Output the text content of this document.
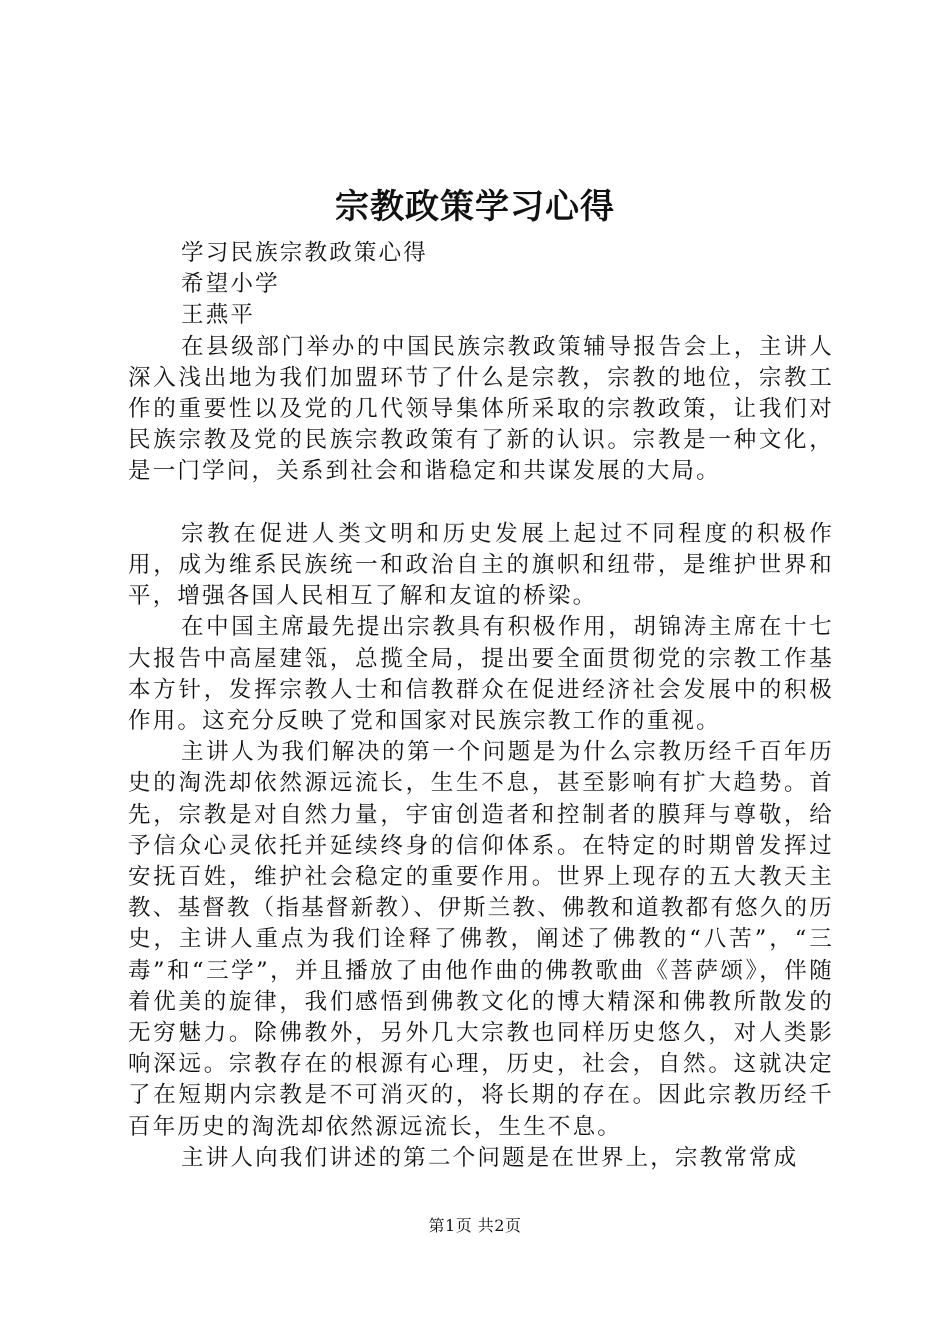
宗教政策学习心得

学习民族宗教政策心得

希望小学

王燕平

在县级部门举办的中国民族宗教政策辅导报告会上，主讲人深入浅出地为我们加盟环节了什么是宗教，宗教的地位，宗教工作的重要性以及党的几代领导集体所采取的宗教政策，让我们对民族宗教及党的民族宗教政策有了新的认识。宗教是一种文化，是一门学问，关系到社会和谐稳定和共谋发展的大局。

宗教在促进人类文明和历史发展上起过不同程度的积极作用，成为维系民族统一和政治自主的旗帜和纽带，是维护世界和平，增强各国人民相互了解和友谊的桥梁。

在中国主席最先提出宗教具有积极作用，胡锦涛主席在十七大报告中高屋建瓴，总揽全局，提出要全面贯彻党的宗教工作基本方针，发挥宗教人士和信教群众在促进经济社会发展中的积极作用。这充分反映了党和国家对民族宗教工作的重视。

主讲人为我们解决的第一个问题是为什么宗教历经千百年历史的淘洗却依然源远流长，生生不息，甚至影响有扩大趋势。首先，宗教是对自然力量，宇宙创造者和控制者的膜拜与尊敬，给予信众心灵依托并延续终身的信仰体系。在特定的时期曾发挥过安抚百姓，维护社会稳定的重要作用。世界上现存的五大教天主教、基督教（指基督新教）、伊斯兰教、佛教和道教都有悠久的历史，主讲人重点为我们诠释了佛教，阐述了佛教的“八苦”，“三毒”和“三学”，并且播放了由他作曲的佛教歌曲《菩萨颂》，伴随着优美的旋律，我们感悟到佛教文化的博大精深和佛教所散发的无穷魅力。除佛教外，另外几大宗教也同样历史悠久，对人类影响深远。宗教存在的根源有心理，历史，社会，自然。这就决定了在短期内宗教是不可消灭的，将长期的存在。因此宗教历经千百年历史的淘洗却依然源远流长，生生不息。

主讲人向我们讲述的第二个问题是在世界上，宗教常常成

第1页 共2页
